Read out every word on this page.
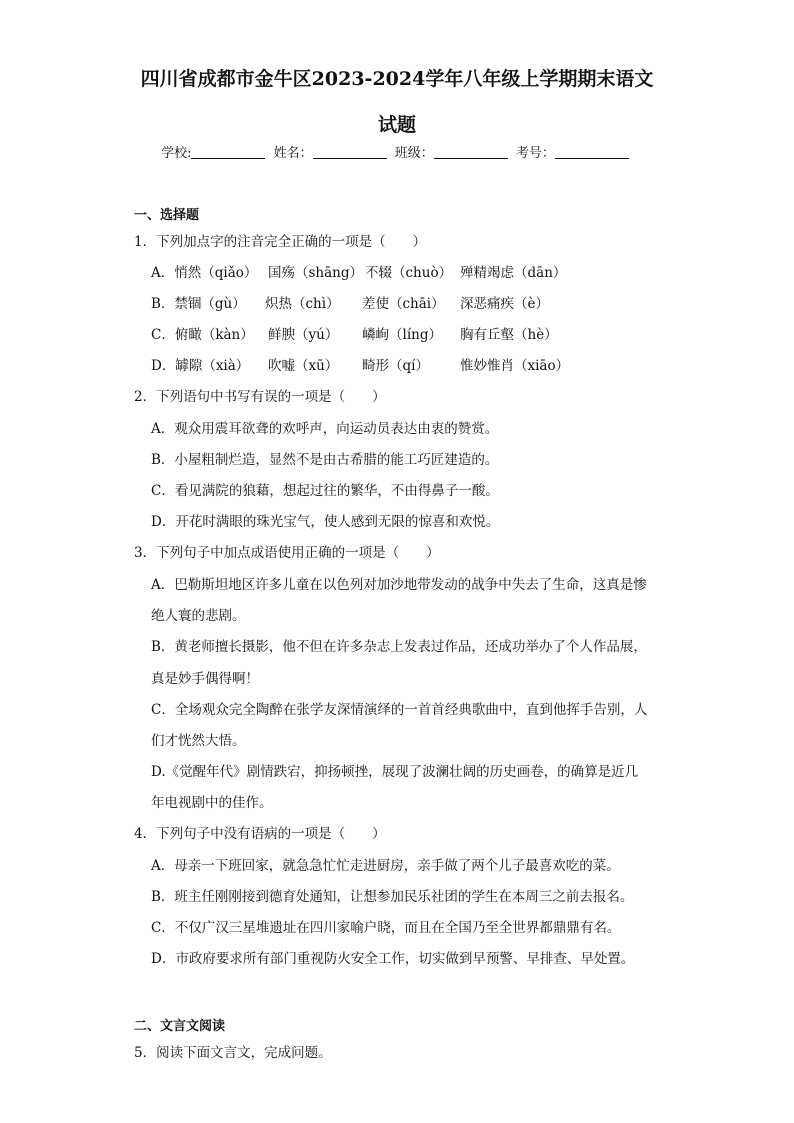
四川省成都市金牛区2023-2024学年八年级上学期期末语文
试题
学校:	姓名：	班级：	考号：
一、选择题
1．下列加点字的注音完全正确的一项是（　　）
A．悄然（qiǎo） 国殇（shāng） 不辍（chuò） 殚精竭虑（dān）
B．禁锢（gù）	炽热（chì）	差使（chāi）	深恶痛疾（è）
C．俯瞰（kàn）	鲜腴（yú）	嶙峋（líng）	胸有丘壑（hè）
D．罅隙（xià）	吹嘘（xū）	畸形（qí）	惟妙惟肖（xiāo）
2．下列语句中书写有误的一项是（　　）
A．观众用震耳欲聋的欢呼声，向运动员表达由衷的赞赏。
B．小屋粗制烂造，显然不是由古希腊的能工巧匠建造的。
C．看见满院的狼藉，想起过往的繁华，不由得鼻子一酸。
D．开花时满眼的珠光宝气，使人感到无限的惊喜和欢悦。
3．下列句子中加点成语使用正确的一项是（　　）
A．巴勒斯坦地区许多儿童在以色列对加沙地带发动的战争中失去了生命，这真是惨
绝人寰的悲剧。
B．黄老师擅长摄影，他不但在许多杂志上发表过作品，还成功举办了个人作品展，
真是妙手偶得啊！
C．全场观众完全陶醉在张学友深情演绎的一首首经典歌曲中，直到他挥手告别，人
们才恍然大悟。
D.《觉醒年代》剧情跌宕，抑扬顿挫，展现了波澜壮阔的历史画卷，的确算是近几
年电视剧中的佳作。
4．下列句子中没有语病的一项是（　　）
A．母亲一下班回家，就急急忙忙走进厨房，亲手做了两个儿子最喜欢吃的菜。
B．班主任刚刚接到德育处通知，让想参加民乐社团的学生在本周三之前去报名。
C．不仅广汉三星堆遗址在四川家喻户晓，而且在全国乃至全世界都鼎鼎有名。
D．市政府要求所有部门重视防火安全工作，切实做到早预警、早排查、早处置。
二、文言文阅读
5．阅读下面文言文，完成问题。
